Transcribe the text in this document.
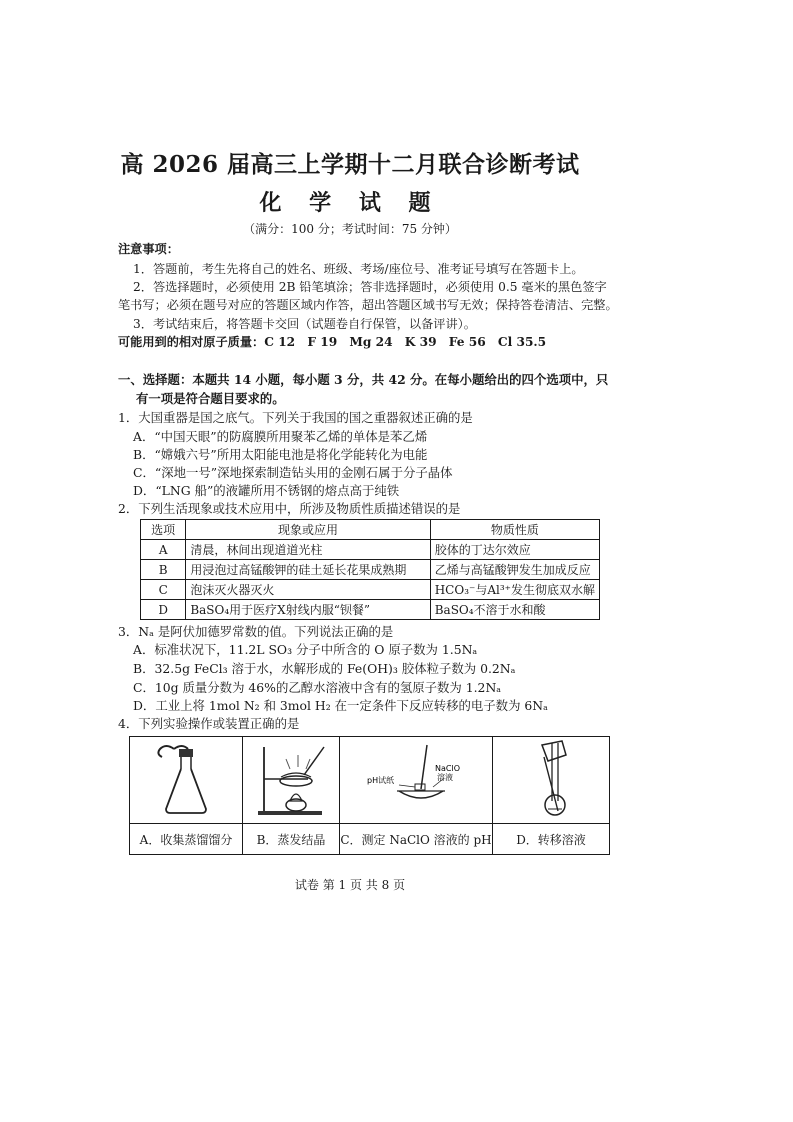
高 2026 届高三上学期十二月联合诊断考试
化 学 试 题
（满分：100 分；考试时间：75 分钟）
注意事项：
1．答题前，考生先将自己的姓名、班级、考场/座位号、准考证号填写在答题卡上。
2．答选择题时，必须使用 2B 铅笔填涂；答非选择题时，必须使用 0.5 毫米的黑色签字
笔书写；必须在题号对应的答题区域内作答，超出答题区域书写无效；保持答卷清洁、完整。
3．考试结束后，将答题卡交回（试题卷自行保管，以备评讲）。
可能用到的相对原子质量：C 12　F 19　Mg 24　K 39　Fe 56　Cl 35.5
一、选择题：本题共 14 小题，每小题 3 分，共 42 分。在每小题给出的四个选项中，只
有一项是符合题目要求的。
1．大国重器是国之底气。下列关于我国的国之重器叙述正确的是
A．“中国天眼”的防腐膜所用聚苯乙烯的单体是苯乙烯
B．“嫦娥六号”所用太阳能电池是将化学能转化为电能
C．“深地一号”深地探索制造钻头用的金刚石属于分子晶体
D．“LNG 船”的液罐所用不锈钢的熔点高于纯铁
2．下列生活现象或技术应用中，所涉及物质性质描述错误的是
选项	现象或应用	物质性质
A	清晨，林间出现道道光柱	胶体的丁达尔效应
B	用浸泡过高锰酸钾的硅土延长花果成熟期	乙烯与高锰酸钾发生加成反应
C	泡沫灭火器灭火	HCO₃⁻与Al³⁺发生彻底双水解
D	BaSO₄用于医疗X射线内服“钡餐”	BaSO₄不溶于水和酸
3．Nₐ 是阿伏加德罗常数的值。下列说法正确的是
A．标准状况下，11.2L SO₃ 分子中所含的 O 原子数为 1.5Nₐ
B．32.5g FeCl₃ 溶于水，水解形成的 Fe(OH)₃ 胶体粒子数为 0.2Nₐ
C．10g 质量分数为 46%的乙醇水溶液中含有的氢原子数为 1.2Nₐ
D．工业上将 1mol N₂ 和 3mol H₂ 在一定条件下反应转移的电子数为 6Nₐ
4．下列实验操作或装置正确的是

pH试纸
NaClO
溶液

A．收集蒸馏馏分	B．蒸发结晶	C．测定 NaClO 溶液的 pH	D．转移溶液
试卷 第 1 页 共 8 页
